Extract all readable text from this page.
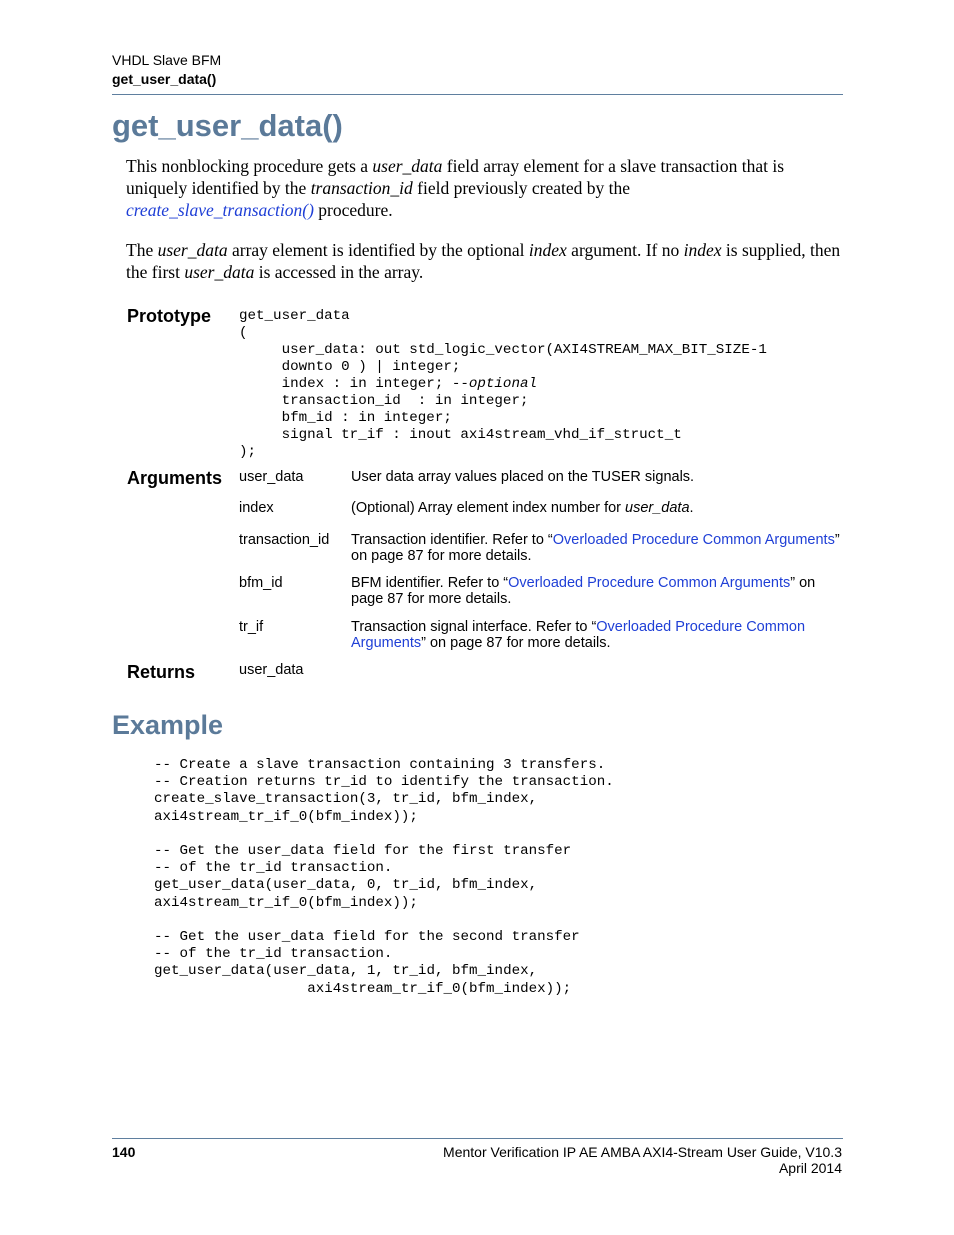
VHDL Slave BFM
get_user_data()
get_user_data()

This nonblocking procedure gets a user_data field array element for a slave transaction that is uniquely identified by the transaction_id field previously created by the
create_slave_transaction() procedure.

The user_data array element is identified by the optional index argument. If no index is supplied, then the first user_data is accessed in the array.

Prototype get_user_data
(
user_data: out std_logic_vector(AXI4STREAM_MAX_BIT_SIZE-1
downto 0 ) | integer;
index : in integer; --optional
transaction_id  : in integer;
bfm_id : in integer;
signal tr_if : inout axi4stream_vhd_if_struct_t
);
Arguments user_data	User data array values placed on the TUSER signals.
index	(Optional) Array element index number for user_data.
transaction_id Transaction identifier. Refer to “Overloaded Procedure Common Arguments” on page 87 for more details.
bfm_id	BFM identifier. Refer to “Overloaded Procedure Common Arguments” on page 87 for more details.
tr_if	Transaction signal interface. Refer to “Overloaded Procedure Common Arguments” on page 87 for more details.
Returns	user_data
Example
-- Create a slave transaction containing 3 transfers.
-- Creation returns tr_id to identify the transaction.
create_slave_transaction(3, tr_id, bfm_index,
axi4stream_tr_if_0(bfm_index));

-- Get the user_data field for the first transfer
-- of the tr_id transaction.
get_user_data(user_data, 0, tr_id, bfm_index,
axi4stream_tr_if_0(bfm_index));

-- Get the user_data field for the second transfer
-- of the tr_id transaction.
get_user_data(user_data, 1, tr_id, bfm_index,
axi4stream_tr_if_0(bfm_index));
140	Mentor Verification IP AE AMBA AXI4-Stream User Guide, V10.3
April 2014
